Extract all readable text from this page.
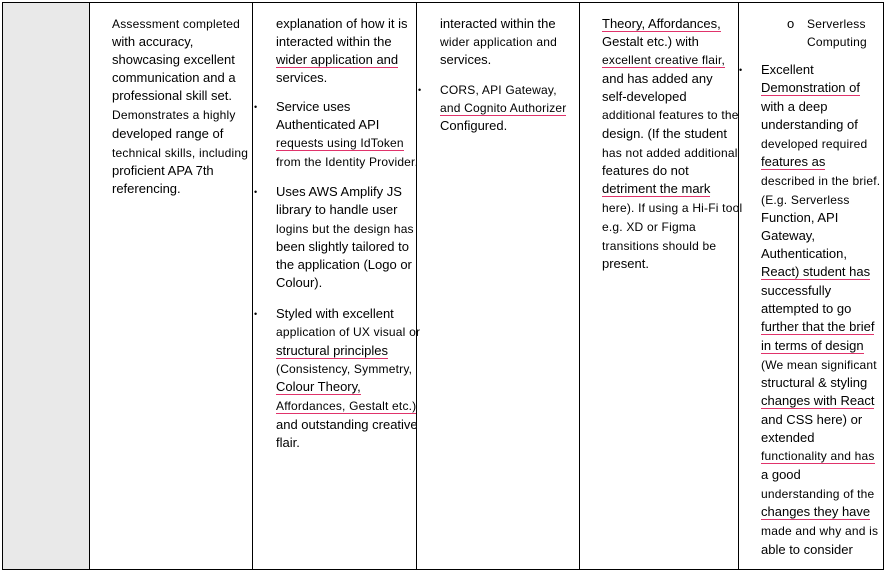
Assessment completed
with accuracy,
showcasing excellent
communication and a
professional skill set.
Demonstrates a highly
developed range of
technical skills, including
proficient APA 7th
referencing.
explanation of how it is
interacted within the
wider application and
services.
• Service uses
Authenticated API
requests using IdToken
from the Identity Provider.
• Uses AWS Amplify JS
library to handle user
logins but the design has
been slightly tailored to
the application (Logo or
Colour).
• Styled with excellent
application of UX visual or
structural principles
(Consistency, Symmetry,
Colour Theory,
Affordances, Gestalt etc.)
and outstanding creative
flair.
interacted within the
wider application and
services.
• CORS, API Gateway,
and Cognito Authorizer
Configured.
Theory, Affordances,
Gestalt etc.) with
excellent creative flair,
and has added any
self-developed
additional features to the
design. (If the student
has not added additional
features do not
detriment the mark
here). If using a Hi-Fi tool
e.g. XD or Figma
transitions should be
present.
o Serverless
Computing
• Excellent
Demonstration of
with a deep
understanding of
developed required
features as
described in the brief.
(E.g. Serverless
Function, API
Gateway,
Authentication,
React) student has
successfully
attempted to go
further that the brief
in terms of design
(We mean significant
structural & styling
changes with React
and CSS here) or
extended
functionality and has
a good
understanding of the
changes they have
made and why and is
able to consider
